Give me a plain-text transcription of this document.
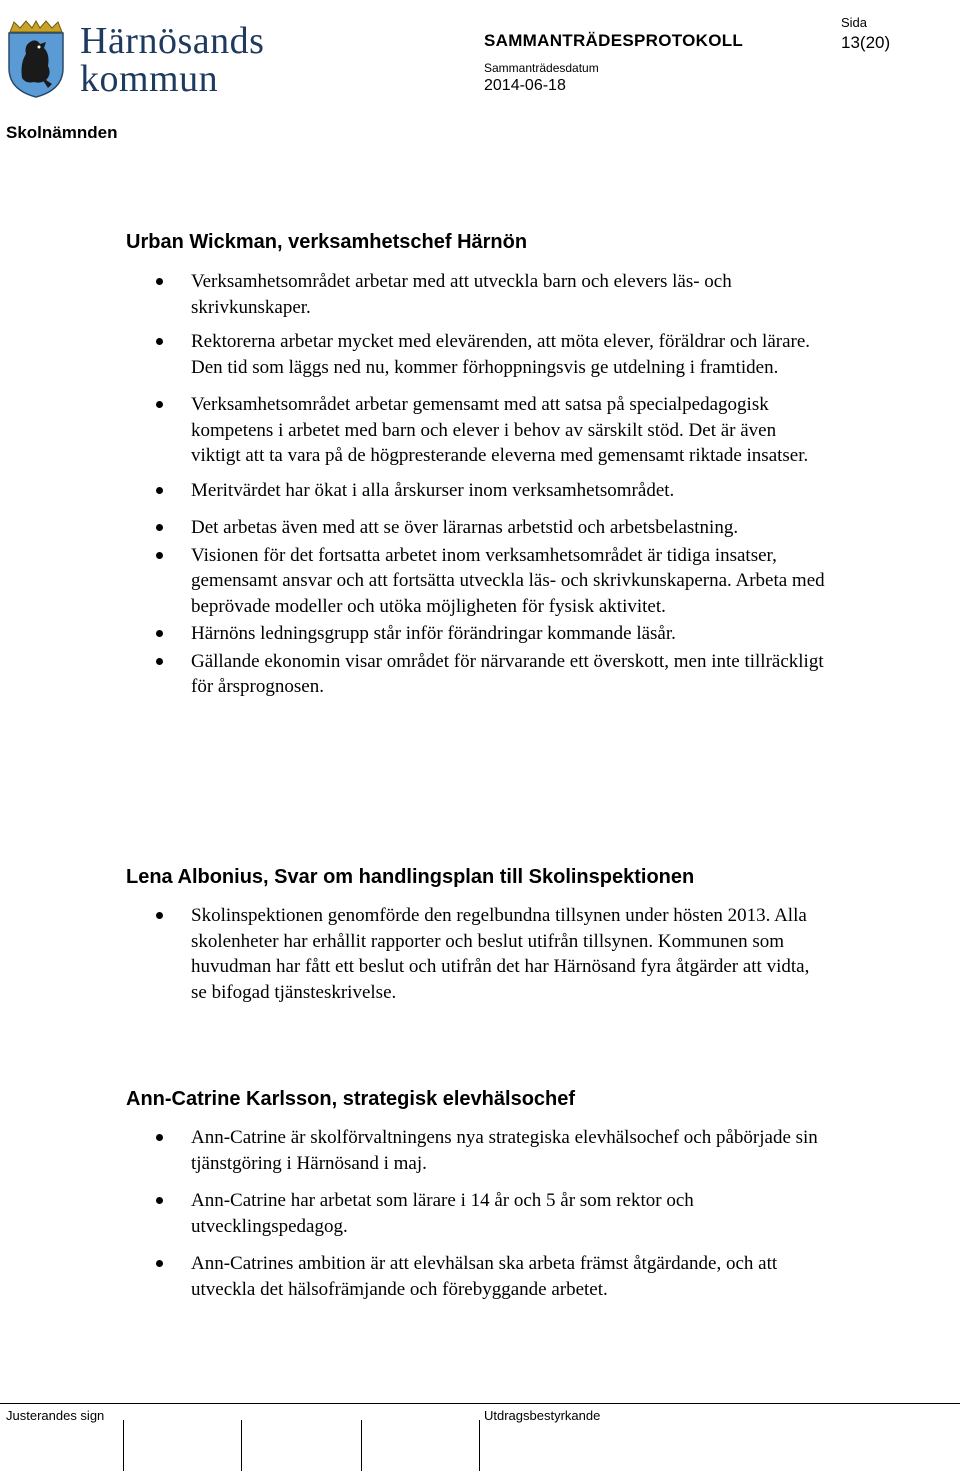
Härnösands
kommun
SAMMANTRÄDESPROTOKOLL
Sammanträdesdatum
2014-06-18
Sida
13(20)
Skolnämnden
Urban Wickman, verksamhetschef Härnön
Verksamhetsområdet arbetar med att utveckla barn och elevers läs- och skrivkunskaper.
Rektorerna arbetar mycket med elevärenden, att möta elever, föräldrar och lärare. Den tid som läggs ned nu, kommer förhoppningsvis ge utdelning i framtiden.
Verksamhetsområdet arbetar gemensamt med att satsa på specialpedagogisk kompetens i arbetet med barn och elever i behov av särskilt stöd. Det är även viktigt att ta vara på de högpresterande eleverna med gemensamt riktade insatser.
Meritvärdet har ökat i alla årskurser inom verksamhetsområdet.
Det arbetas även med att se över lärarnas arbetstid och arbetsbelastning.
Visionen för det fortsatta arbetet inom verksamhetsområdet är tidiga insatser, gemensamt ansvar och att fortsätta utveckla läs- och skrivkunskaperna. Arbeta med beprövade modeller och utöka möjligheten för fysisk aktivitet.
Härnöns ledningsgrupp står inför förändringar kommande läsår.
Gällande ekonomin visar området för närvarande ett överskott, men inte tillräckligt för årsprognosen.
Lena Albonius, Svar om handlingsplan till Skolinspektionen
Skolinspektionen genomförde den regelbundna tillsynen under hösten 2013. Alla skolenheter har erhållit rapporter och beslut utifrån tillsynen. Kommunen som huvudman har fått ett beslut och utifrån det har Härnösand fyra åtgärder att vidta, se bifogad tjänsteskrivelse.
Ann-Catrine Karlsson, strategisk elevhälsochef
Ann-Catrine är skolförvaltningens nya strategiska elevhälsochef och påbörjade sin tjänstgöring i Härnösand i maj.
Ann-Catrine har arbetat som lärare i 14 år och 5 år som rektor och utvecklingspedagog.
Ann-Catrines ambition är att elevhälsan ska arbeta främst åtgärdande, och att utveckla det hälsofrämjande och förebyggande arbetet.
Justerandes sign	Utdragsbestyrkande
